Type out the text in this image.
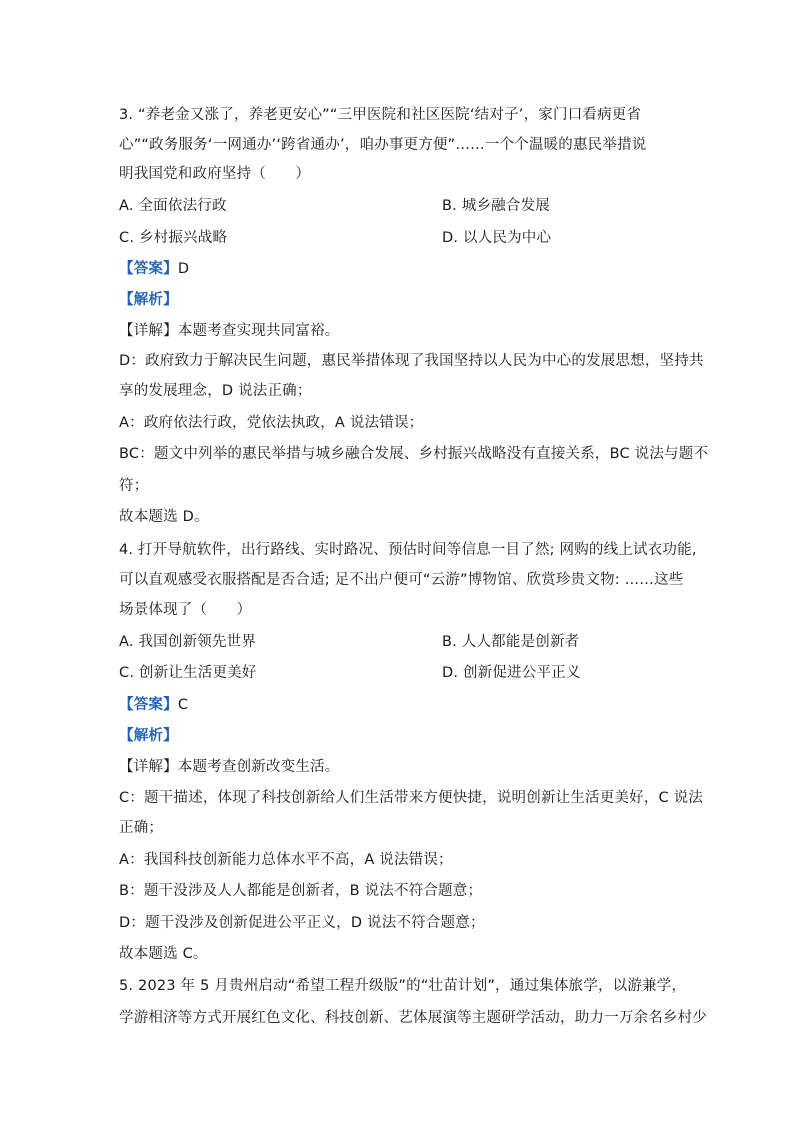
3. “养老金又涨了，养老更安心”“三甲医院和社区医院‘结对子’，家门口看病更省
心”“政务服务‘一网通办’‘跨省通办’，咱办事更方便”……一个个温暖的惠民举措说
明我国党和政府坚持（　　）
A. 全面依法行政	B. 城乡融合发展
C. 乡村振兴战略	D. 以人民为中心
【答案】D
【解析】
【详解】本题考查实现共同富裕。
D：政府致力于解决民生问题，惠民举措体现了我国坚持以人民为中心的发展思想，坚持共
享的发展理念，D 说法正确；
A：政府依法行政，党依法执政，A 说法错误；
BC：题文中列举的惠民举措与城乡融合发展、乡村振兴战略没有直接关系，BC 说法与题不
符；
故本题选 D。
4. 打开导航软件，出行路线、实时路况、预估时间等信息一目了然; 网购的线上试衣功能,
可以直观感受衣服搭配是否合适; 足不出户便可“云游”博物馆、欣赏珍贵文物: ……这些
场景体现了（　　）
A. 我国创新领先世界	B. 人人都能是创新者
C. 创新让生活更美好	D. 创新促进公平正义
【答案】C
【解析】
【详解】本题考查创新改变生活。
C：题干描述，体现了科技创新给人们生活带来方便快捷，说明创新让生活更美好，C 说法
正确；
A：我国科技创新能力总体水平不高，A 说法错误；
B：题干没涉及人人都能是创新者，B 说法不符合题意；
D：题干没涉及创新促进公平正义，D 说法不符合题意；
故本题选 C。
5. 2023 年 5 月贵州启动“希望工程升级版”的“壮苗计划”，通过集体旅学，以游兼学，
学游相济等方式开展红色文化、科技创新、艺体展演等主题研学活动，助力一万余名乡村少
